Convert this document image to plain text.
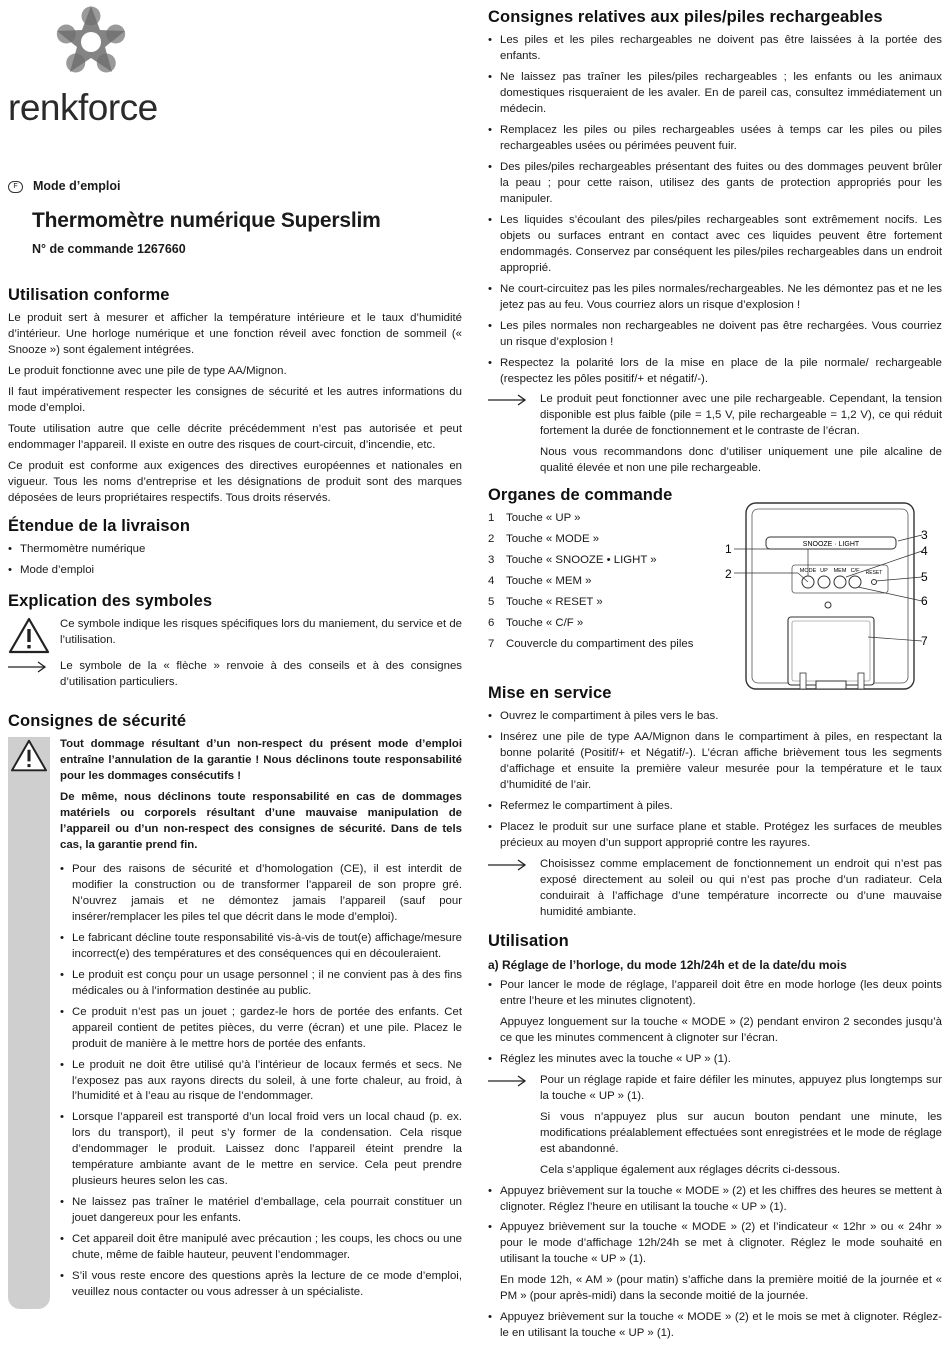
renkforce
F	Mode d’emploi
Thermomètre numérique Superslim
N° de commande 1267660
Utilisation conforme

Le produit sert à mesurer et afficher la température intérieure et le taux d’humidité d’intérieur. Une horloge numérique et une fonction réveil avec fonction de sommeil (« Snooze ») sont également intégrées.

Le produit fonctionne avec une pile de type AA/Mignon.

Il faut impérativement respecter les consignes de sécurité et les autres informations du mode d’emploi.

Toute utilisation autre que celle décrite précédemment n’est pas autorisée et peut endommager l’appareil. Il existe en outre des risques de court-circuit, d’incendie, etc.

Ce produit est conforme aux exigences des directives européennes et nationales en vigueur. Tous les noms d’entreprise et les désignations de produit sont des marques déposées de leurs propriétaires respectifs. Tous droits réservés.

Étendue de la livraison
• Thermomètre numérique
• Mode d’emploi
Explication des symboles

Ce symbole indique les risques spécifiques lors du maniement, du service et de l’utilisation.

Le symbole de la « flèche » renvoie à des conseils et à des consignes d’utilisation particuliers.

Consignes de sécurité

Tout dommage résultant d’un non-respect du présent mode d’emploi entraîne l’annulation de la garantie ! Nous déclinons toute responsabilité pour les dommages consécutifs !

De même, nous déclinons toute responsabilité en cas de dommages matériels ou corporels résultant d’une mauvaise manipulation de l’appareil ou d’un non-respect des consignes de sécurité. Dans de tels cas, la garantie prend fin.

• Pour des raisons de sécurité et d’homologation (CE), il est interdit de modifier la construction ou de transformer l’appareil de son propre gré. N’ouvrez jamais et ne démontez jamais l’appareil (sauf pour insérer/remplacer les piles tel que décrit dans le mode d’emploi).
• Le fabricant décline toute responsabilité vis-à-vis de tout(e) affichage/mesure incorrect(e) des températures et des conséquences qui en découleraient.
• Le produit est conçu pour un usage personnel ; il ne convient pas à des fins médicales ou à l’information destinée au public.
• Ce produit n’est pas un jouet ; gardez-le hors de portée des enfants. Cet appareil contient de petites pièces, du verre (écran) et une pile. Placez le produit de manière à le mettre hors de portée des enfants.
• Le produit ne doit être utilisé qu’à l’intérieur de locaux fermés et secs. Ne l’exposez pas aux rayons directs du soleil, à une forte chaleur, au froid, à l’humidité et à l’eau au risque de l’endommager.
• Lorsque l’appareil est transporté d’un local froid vers un local chaud (p. ex. lors du transport), il peut s’y former de la condensation. Cela risque d’endommager le produit. Laissez donc l’appareil éteint prendre la température ambiante avant de le mettre en service. Cela peut prendre plusieurs heures selon les cas.
• Ne laissez pas traîner le matériel d’emballage, cela pourrait constituer un jouet dangereux pour les enfants.
• Cet appareil doit être manipulé avec précaution ; les coups, les chocs ou une chute, même de faible hauteur, peuvent l’endommager.
• S’il vous reste encore des questions après la lecture de ce mode d’emploi, veuillez nous contacter ou vous adresser à un spécialiste.
Consignes relatives aux piles/piles rechargeables
• Les piles et les piles rechargeables ne doivent pas être laissées à la portée des enfants.
• Ne laissez pas traîner les piles/piles rechargeables ; les enfants ou les animaux domestiques risqueraient de les avaler. En de pareil cas, consultez immédiatement un médecin.
• Remplacez les piles ou piles rechargeables usées à temps car les piles ou piles rechargeables usées ou périmées peuvent fuir.
• Des piles/piles rechargeables présentant des fuites ou des dommages peuvent brûler la peau ; pour cette raison, utilisez des gants de protection appropriés pour les manipuler.
• Les liquides s’écoulant des piles/piles rechargeables sont extrêmement nocifs. Les objets ou surfaces entrant en contact avec ces liquides peuvent être fortement endommagés. Conservez par conséquent les piles/piles rechargeables dans un endroit approprié.
• Ne court-circuitez pas les piles normales/rechargeables. Ne les démontez pas et ne les jetez pas au feu. Vous courriez alors un risque d’explosion !
• Les piles normales non rechargeables ne doivent pas être rechargées. Vous courriez un risque d’explosion !
• Respectez la polarité lors de la mise en place de la pile normale/ rechargeable (respectez les pôles positif/+ et négatif/-).

Le produit peut fonctionner avec une pile rechargeable. Cependant, la tension disponible est plus faible (pile = 1,5 V, pile rechargeable = 1,2 V), ce qui réduit fortement la durée de fonctionnement et le contraste de l’écran.

Nous vous recommandons donc d’utiliser uniquement une pile alcaline de qualité élevée et non une pile rechargeable.

Organes de commande
1	Touche « UP »
2	Touche « MODE »
3	Touche « SNOOZE • LIGHT »
4	Touche « MEM »
5	Touche « RESET »
6	Touche « C/F »
7	Couvercle du compartiment des piles
SNOOZE · LIGHT
MODE UP MEM C/F RESET
1
2
3
4
5
6
7
Mise en service
• Ouvrez le compartiment à piles vers le bas.
• Insérez une pile de type AA/Mignon dans le compartiment à piles, en respectant la bonne polarité (Positif/+ et Négatif/-). L’écran affiche brièvement tous les segments d’affichage et ensuite la première valeur mesurée pour la température et le taux d’humidité de l’air.
• Refermez le compartiment à piles.
• Placez le produit sur une surface plane et stable. Protégez les surfaces de meubles précieux au moyen d’un support approprié contre les rayures.

Choisissez comme emplacement de fonctionnement un endroit qui n’est pas exposé directement au soleil ou qui n’est pas proche d’un radiateur. Cela conduirait à l’affichage d’une température incorrecte ou d’une mauvaise humidité ambiante.

Utilisation
a) Réglage de l’horloge, du mode 12h/24h et de la date/du mois
• Pour lancer le mode de réglage, l’appareil doit être en mode horloge (les deux points entre l’heure et les minutes clignotent).

Appuyez longuement sur la touche « MODE » (2) pendant environ 2 secondes jusqu’à ce que les minutes commencent à clignoter sur l’écran.

• Réglez les minutes avec la touche « UP » (1).

Pour un réglage rapide et faire défiler les minutes, appuyez plus longtemps sur la touche « UP » (1).

Si vous n’appuyez plus sur aucun bouton pendant une minute, les modifications préalablement effectuées sont enregistrées et le mode de réglage est abandonné.

Cela s’applique également aux réglages décrits ci-dessous.

• Appuyez brièvement sur la touche « MODE » (2) et les chiffres des heures se mettent à clignoter. Réglez l’heure en utilisant la touche « UP » (1).
• Appuyez brièvement sur la touche « MODE » (2) et l’indicateur « 12hr » ou « 24hr » pour le mode d’affichage 12h/24h se met à clignoter. Réglez le mode souhaité en utilisant la touche « UP » (1).

En mode 12h, « AM » (pour matin) s’affiche dans la première moitié de la journée et « PM » (pour après-midi) dans la seconde moitié de la journée.

• Appuyez brièvement sur la touche « MODE » (2) et le mois se met à clignoter. Réglez-le en utilisant la touche « UP » (1).
